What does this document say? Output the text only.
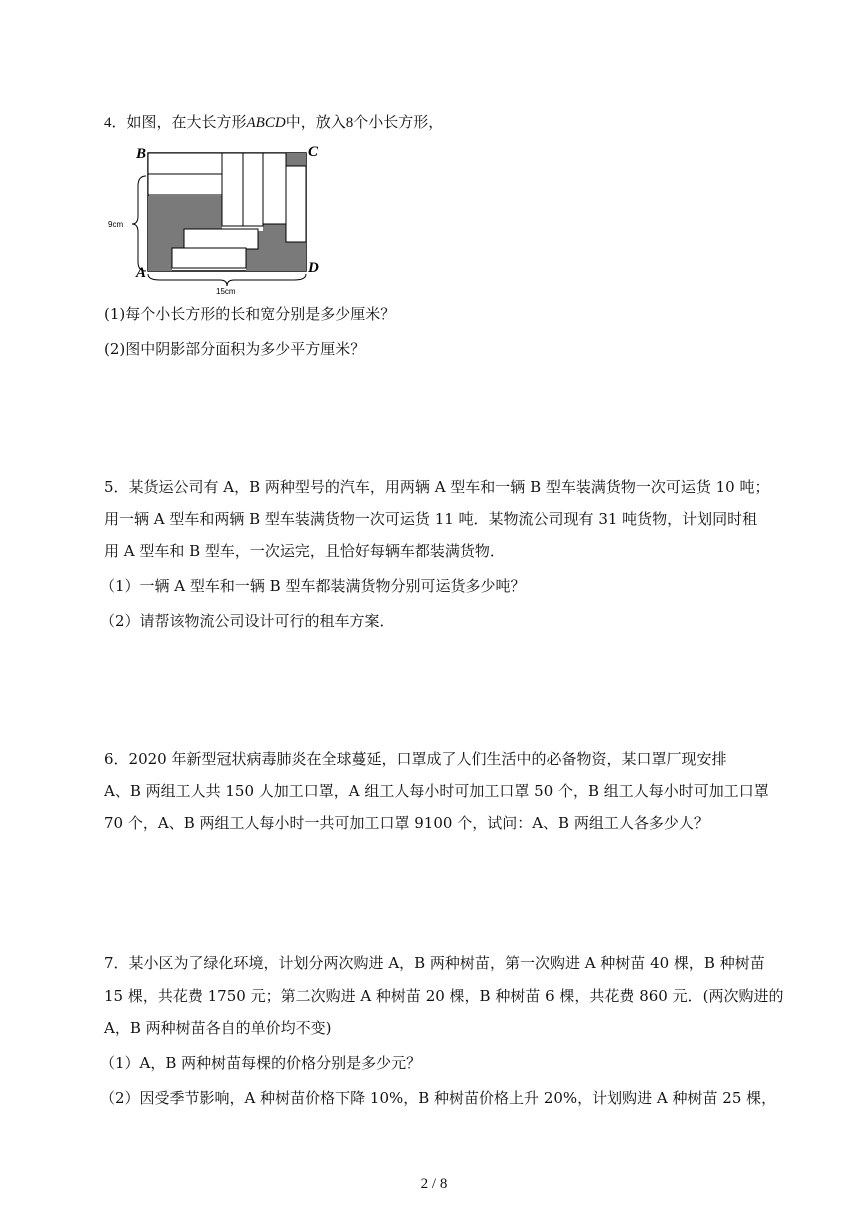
4．如图，在大长方形ABCD中，放入8个小长方形，
B	C
A	D
9cm
15cm
(1)每个小长方形的长和宽分别是多少厘米？
(2)图中阴影部分面积为多少平方厘米？
5．某货运公司有 A，B 两种型号的汽车，用两辆 A 型车和一辆 B 型车装满货物一次可运货 10 吨；
用一辆 A 型车和两辆 B 型车装满货物一次可运货 11 吨．某物流公司现有 31 吨货物，计划同时租
用 A 型车和 B 型车，一次运完，且恰好每辆车都装满货物．
（1）一辆 A 型车和一辆 B 型车都装满货物分别可运货多少吨？
（2）请帮该物流公司设计可行的租车方案．
6．2020 年新型冠状病毒肺炎在全球蔓延，口罩成了人们生活中的必备物资，某口罩厂现安排
A、B 两组工人共 150 人加工口罩，A 组工人每小时可加工口罩 50 个，B 组工人每小时可加工口罩
70 个，A、B 两组工人每小时一共可加工口罩 9100 个，试问：A、B 两组工人各多少人？
7．某小区为了绿化环境，计划分两次购进 A，B 两种树苗，第一次购进 A 种树苗 40 棵，B 种树苗
15 棵，共花费 1750 元；第二次购进 A 种树苗 20 棵，B 种树苗 6 棵，共花费 860 元．(两次购进的
A，B 两种树苗各自的单价均不变)
（1）A，B 两种树苗每棵的价格分别是多少元？
（2）因受季节影响，A 种树苗价格下降 10%，B 种树苗价格上升 20%，计划购进 A 种树苗 25 棵，
2 / 8
